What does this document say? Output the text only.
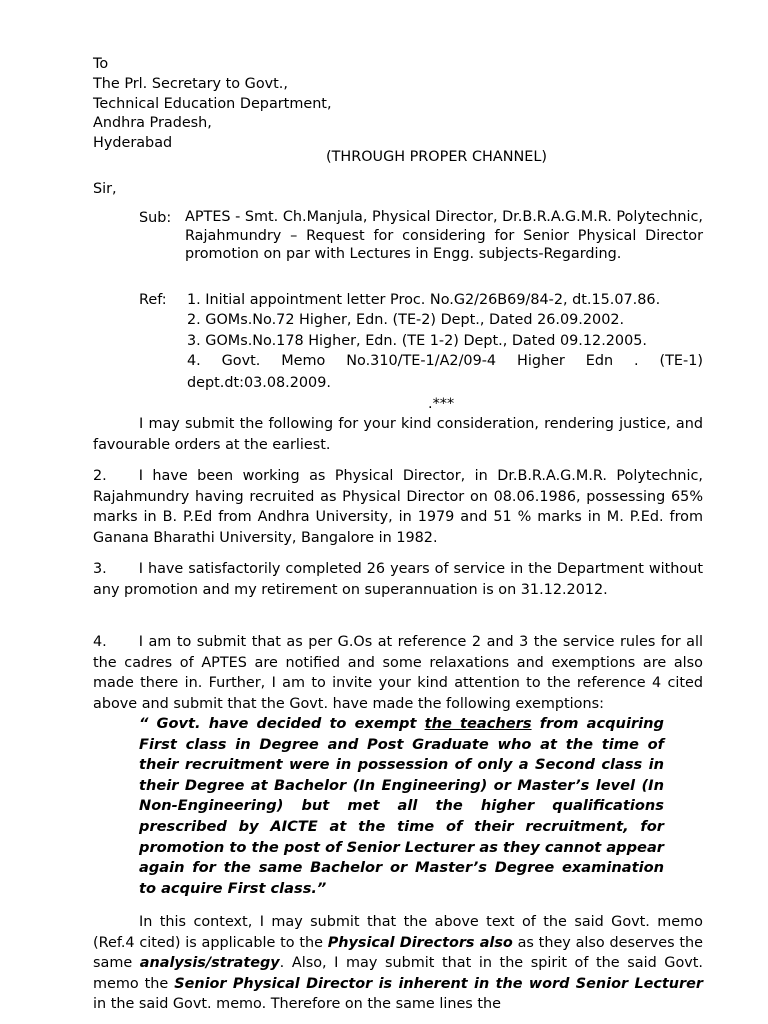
To
The Prl. Secretary to Govt.,
Technical Education Department,
Andhra Pradesh,
Hyderabad
(THROUGH PROPER CHANNEL)
Sir,
Sub: APTES - Smt. Ch.Manjula, Physical Director, Dr.B.R.A.G.M.R. Polytechnic, Rajahmundry – Request for considering for Senior Physical Director promotion on par with Lectures in Engg. subjects-Regarding.
Ref: 1. Initial appointment letter Proc. No.G2/26B69/84-2, dt.15.07.86.
2. GOMs.No.72 Higher, Edn. (TE-2) Dept., Dated 26.09.2002.
3. GOMs.No.178 Higher, Edn. (TE 1-2) Dept., Dated 09.12.2005.
4. Govt. Memo No.310/TE-1/A2/09-4 Higher Edn . (TE-1)
dept.dt:03.08.2009.
.***
I may submit the following for your kind consideration, rendering justice, and favourable orders at the earliest.
2. I have been working as Physical Director, in Dr.B.R.A.G.M.R. Polytechnic, Rajahmundry having recruited as Physical Director on 08.06.1986, possessing 65% marks in B. P.Ed from Andhra University, in 1979 and 51 % marks in M. P.Ed. from Ganana Bharathi University, Bangalore in 1982.
3. I have satisfactorily completed 26 years of service in the Department without any promotion and my retirement on superannuation is on 31.12.2012.
4. I am to submit that as per G.Os at reference 2 and 3 the service rules for all the cadres of APTES are notified and some relaxations and exemptions are also made there in. Further, I am to invite your kind attention to the reference 4 cited above and submit that the Govt. have made the following exemptions:
“ Govt. have decided to exempt the teachers from acquiring First class in Degree and Post Graduate who at the time of their recruitment were in possession of only a Second class in their Degree at Bachelor (In Engineering) or Master’s level (In Non-Engineering) but met all the higher qualifications prescribed by AICTE at the time of their recruitment, for promotion to the post of Senior Lecturer as they cannot appear again for the same Bachelor or Master’s Degree examination to acquire First class.”
In this context, I may submit that the above text of the said Govt. memo (Ref.4 cited) is applicable to the Physical Directors also as they also deserves the same analysis/strategy. Also, I may submit that in the spirit of the said Govt. memo the Senior Physical Director is inherent in the word Senior Lecturer in the said Govt. memo. Therefore on the same lines the
